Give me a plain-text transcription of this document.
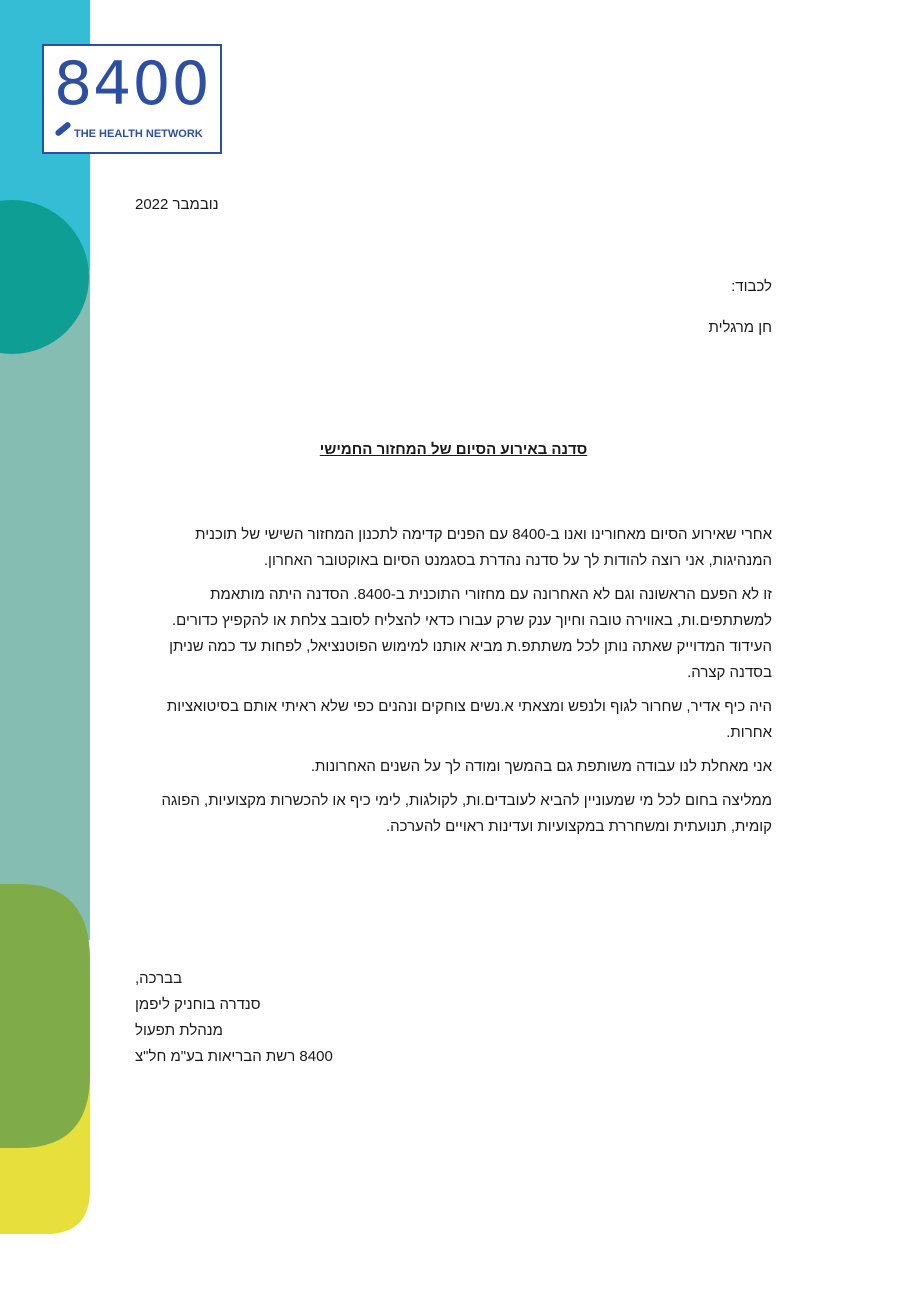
8400
THE HEALTH NETWORK
נובמבר 2022
לכבוד:
חן מרגלית
סדנה באירוע הסיום של המחזור החמישי

אחרי שאירוע הסיום מאחורינו ואנו ב-8400 עם הפנים קדימה לתכנון המחזור השישי של תוכנית המנהיגות, אני רוצה להודות לך על סדנה נהדרת בסגמנט הסיום באוקטובר האחרון.

זו לא הפעם הראשונה וגם לא האחרונה עם מחזורי התוכנית ב-8400. הסדנה היתה מותאמת למשתתפים.ות, באווירה טובה וחיוך ענק שרק עבורו כדאי להצליח לסובב צלחת או להקפיץ כדורים. העידוד המדוייק שאתה נותן לכל משתתפ.ת מביא אותנו למימוש הפוטנציאל, לפחות עד כמה שניתן בסדנה קצרה.

היה כיף אדיר, שחרור לגוף ולנפש ומצאתי א.נשים צוחקים ונהנים כפי שלא ראיתי אותם בסיטואציות אחרות.

אני מאחלת לנו עבודה משותפת גם בהמשך ומודה לך על השנים האחרונות.

ממליצה בחום לכל מי שמעוניין להביא לעובדים.ות, לקולגות, לימי כיף או להכשרות מקצועיות, הפוגה קומית, תנועתית ומשחררת במקצועיות ועדינות ראויים להערכה.

בברכה,
סנדרה בוחניק ליפמן
מנהלת תפעול
8400 רשת הבריאות בע"מ חל"צ
